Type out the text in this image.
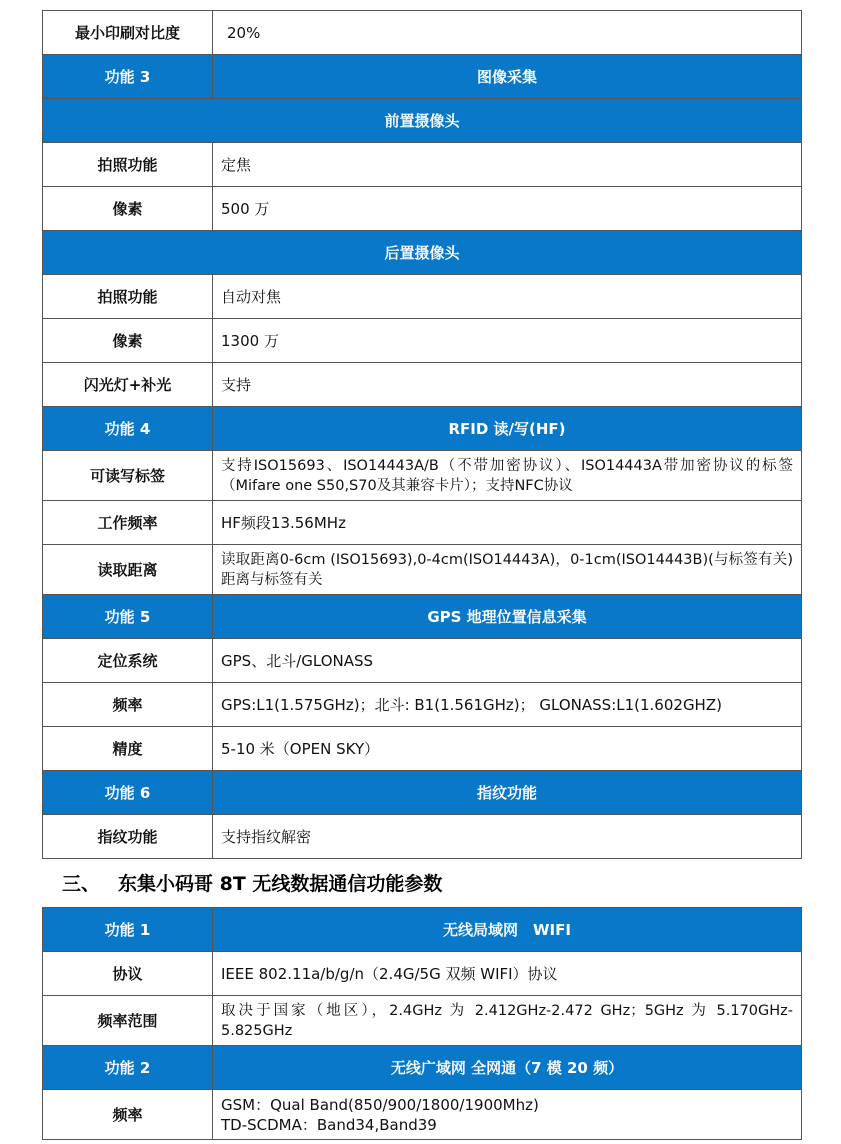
最小印刷对比度	20%
功能 3	图像采集
前置摄像头	
拍照功能	定焦
像素	500 万
后置摄像头	
拍照功能	自动对焦
像素	1300 万
闪光灯+补光	支持
功能 4	RFID 读/写(HF)
可读写标签	支持ISO15693、ISO14443A/B（不带加密协议）、ISO14443A带加密协议的标签（Mifare one S50,S70及其兼容卡片）；支持NFC协议
工作频率	HF频段13.56MHz
读取距离	读取距离0-6cm (ISO15693),0-4cm(ISO14443A)，0-1cm(ISO14443B)(与标签有关)距离与标签有关
功能 5	GPS 地理位置信息采集
定位系统	GPS、北斗/GLONASS
频率	GPS:L1(1.575GHz)；北斗: B1(1.561GHz)； GLONASS:L1(1.602GHZ)
精度	5-10 米（OPEN SKY）
功能 6	指纹功能
指纹功能	支持指纹解密
三、 东集小码哥 8T 无线数据通信功能参数
功能 1	无线局域网　WIFI
协议	IEEE 802.11a/b/g/n（2.4G/5G 双频 WIFI）协议
频率范围	取决于国家（地区），2.4GHz 为 2.412GHz-2.472 GHz；5GHz 为 5.170GHz-5.825GHz
功能 2	无线广域网 全网通（7 模 20 频）
频率	GSM：Qual Band(850/900/1800/1900Mhz)
TD-SCDMA：Band34,Band39
